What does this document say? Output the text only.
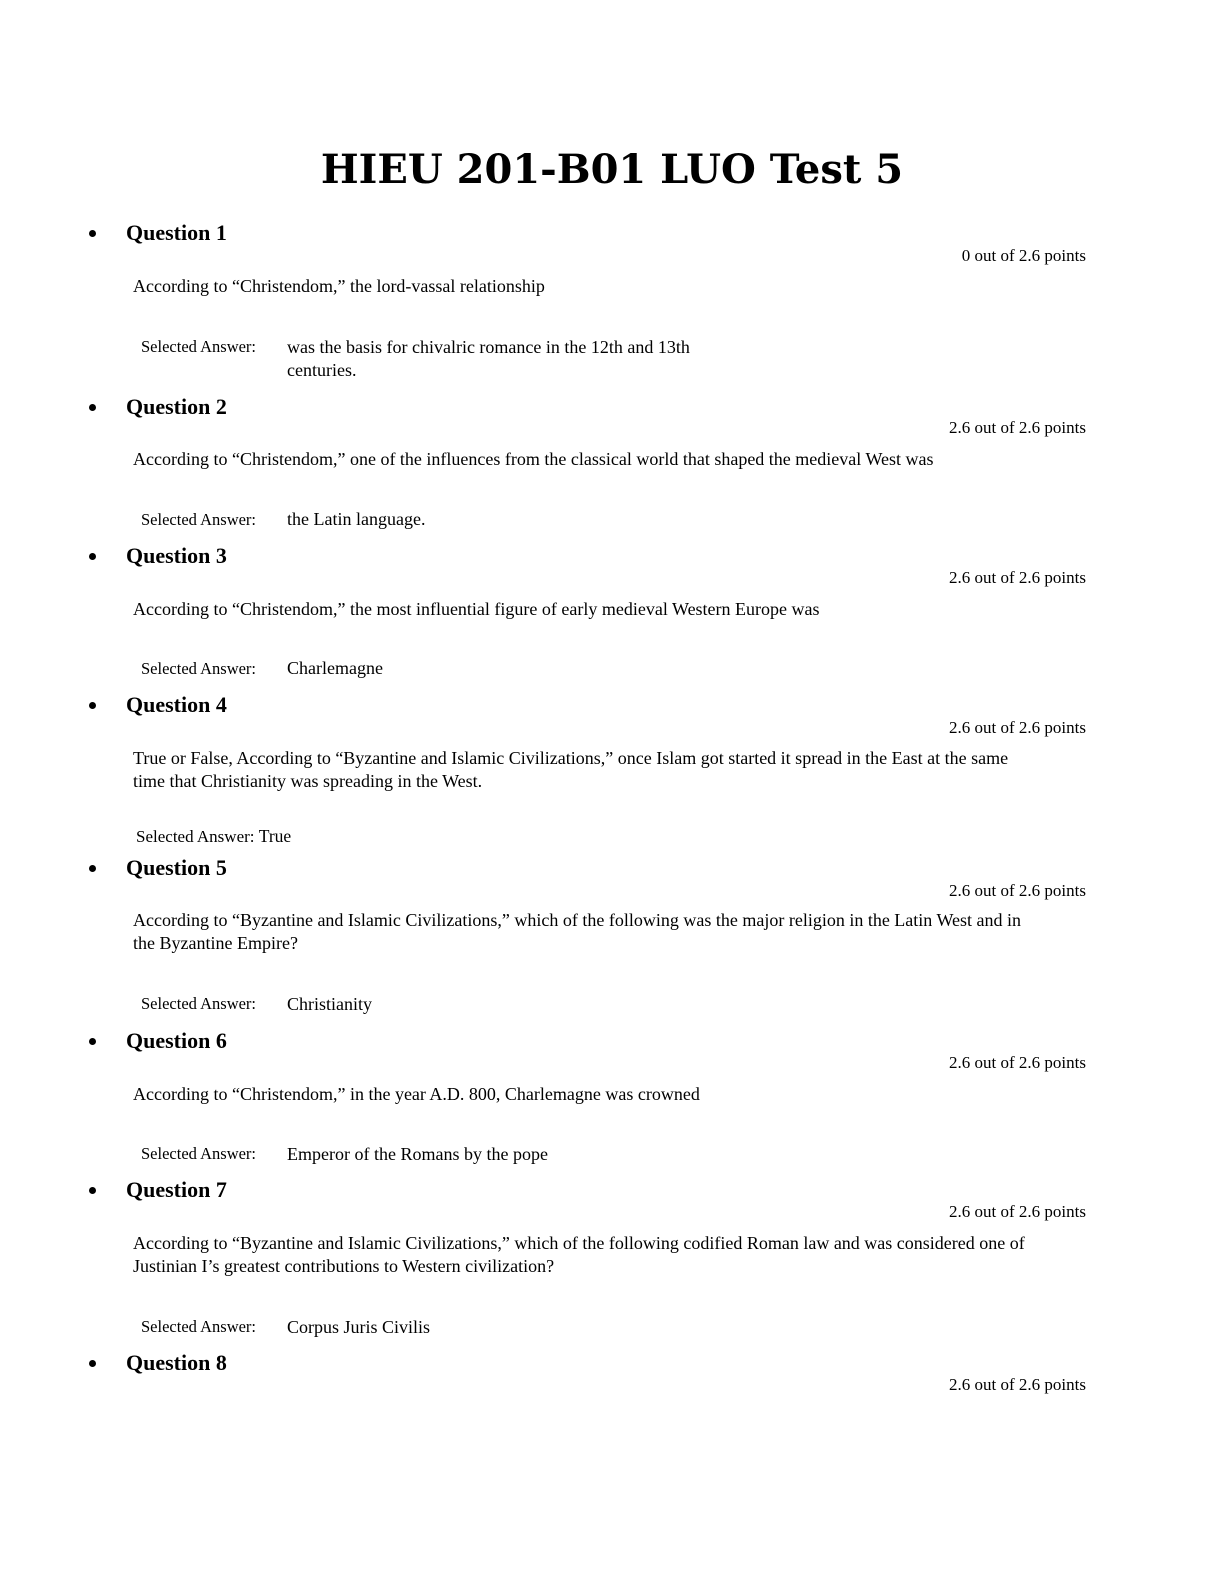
HIEU 201-B01 LUO Test 5
Question 1
0 out of 2.6 points
According to “Christendom,” the lord-vassal relationship
Selected Answer: was the basis for chivalric romance in the 12th and 13th centuries.
Question 2
2.6 out of 2.6 points
According to “Christendom,” one of the influences from the classical world that shaped the medieval West was
Selected Answer: the Latin language.
Question 3
2.6 out of 2.6 points
According to “Christendom,” the most influential figure of early medieval Western Europe was
Selected Answer: Charlemagne
Question 4
2.6 out of 2.6 points
True or False, According to “Byzantine and Islamic Civilizations,” once Islam got started it spread in the East at the same time that Christianity was spreading in the West.
Selected Answer: True
Question 5
2.6 out of 2.6 points
According to “Byzantine and Islamic Civilizations,” which of the following was the major religion in the Latin West and in the Byzantine Empire?
Selected Answer: Christianity
Question 6
2.6 out of 2.6 points
According to “Christendom,” in the year A.D. 800, Charlemagne was crowned
Selected Answer: Emperor of the Romans by the pope
Question 7
2.6 out of 2.6 points
According to “Byzantine and Islamic Civilizations,” which of the following codified Roman law and was considered one of Justinian I’s greatest contributions to Western civilization?
Selected Answer: Corpus Juris Civilis
Question 8
2.6 out of 2.6 points
